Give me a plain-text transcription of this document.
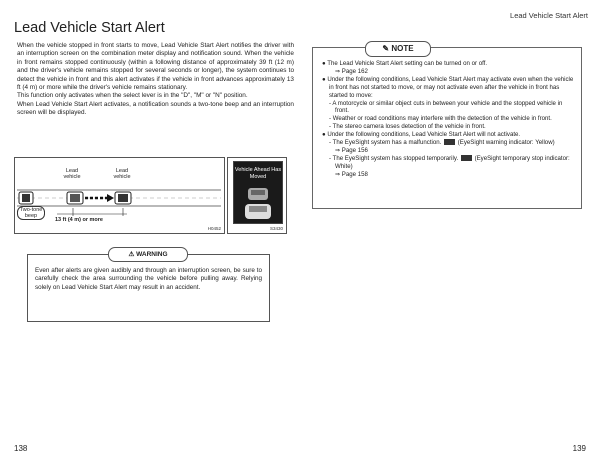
Lead Vehicle Start Alert
Lead Vehicle Start Alert

When the vehicle stopped in front starts to move, Lead Vehicle Start Alert notifies the driver with an interruption screen on the combination meter display and notification sound. When the vehicle in front remains stopped continuously (within a following distance of approximately 39 ft (12 m) and the driver's vehicle remains stopped for several seconds or longer), the system continues to detect the vehicle in front and this alert activates if the vehicle in front advances approximately 13 ft (4 m) or more while the driver's vehicle remains stationary.

This function only activates when the select lever is in the "D", "M" or "N" position.

When Lead Vehicle Start Alert activates, a notification sounds a two-tone beep and an interruption screen will be displayed.

Lead vehicle
Lead vehicle
Two-tone beep
13 ft (4 m) or more
H0452
Vehicle Ahead Has Moved
S3430
⚠ WARNING
Even after alerts are given audibly and through an interruption screen, be sure to carefully check the area surrounding the vehicle before pulling away. Relying solely on Lead Vehicle Start Alert may result in an accident.
✎ NOTE
● The Lead Vehicle Start Alert setting can be turned on or off.
⇒ Page 162
● Under the following conditions, Lead Vehicle Start Alert may activate even when the vehicle in front has not started to move, or may not activate even after the vehicle in front has started to move:
- A motorcycle or similar object cuts in between your vehicle and the stopped vehicle in front.
- Weather or road conditions may interfere with the detection of the vehicle in front.
- The stereo camera loses detection of the vehicle in front.
● Under the following conditions, Lead Vehicle Start Alert will not activate.
- The EyeSight system has a malfunction.	(EyeSight warning indicator: Yellow)
⇒ Page 156
- The EyeSight system has stopped temporarily.	(EyeSight temporary stop indicator: White)
⇒ Page 158
138	139
